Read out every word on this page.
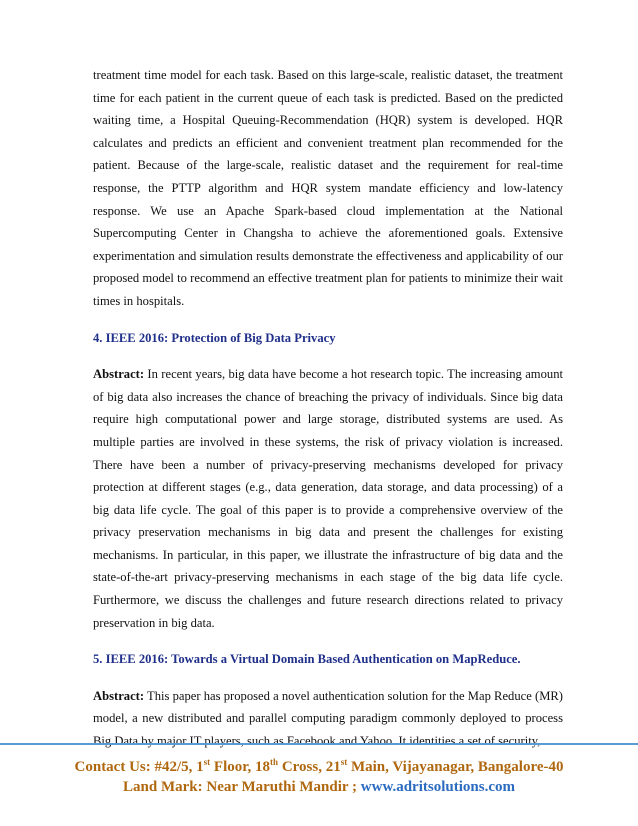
treatment time model for each task. Based on this large-scale, realistic dataset, the treatment time for each patient in the current queue of each task is predicted. Based on the predicted waiting time, a Hospital Queuing-Recommendation (HQR) system is developed. HQR calculates and predicts an efficient and convenient treatment plan recommended for the patient. Because of the large-scale, realistic dataset and the requirement for real-time response, the PTTP algorithm and HQR system mandate efficiency and low-latency response. We use an Apache Spark-based cloud implementation at the National Supercomputing Center in Changsha to achieve the aforementioned goals. Extensive experimentation and simulation results demonstrate the effectiveness and applicability of our proposed model to recommend an effective treatment plan for patients to minimize their wait times in hospitals.

4. IEEE 2016: Protection of Big Data Privacy

Abstract: In recent years, big data have become a hot research topic. The increasing amount of big data also increases the chance of breaching the privacy of individuals. Since big data require high computational power and large storage, distributed systems are used. As multiple parties are involved in these systems, the risk of privacy violation is increased. There have been a number of privacy-preserving mechanisms developed for privacy protection at different stages (e.g., data generation, data storage, and data processing) of a big data life cycle. The goal of this paper is to provide a comprehensive overview of the privacy preservation mechanisms in big data and present the challenges for existing mechanisms. In particular, in this paper, we illustrate the infrastructure of big data and the state-of-the-art privacy-preserving mechanisms in each stage of the big data life cycle. Furthermore, we discuss the challenges and future research directions related to privacy preservation in big data.

5. IEEE 2016: Towards a Virtual Domain Based Authentication on MapReduce.

Abstract: This paper has proposed a novel authentication solution for the Map Reduce (MR) model, a new distributed and parallel computing paradigm commonly deployed to process Big Data by major IT players, such as Facebook and Yahoo. It identities a set of security,

Contact Us: #42/5, 1st Floor, 18th Cross, 21st Main, Vijayanagar, Bangalore-40
Land Mark: Near Maruthi Mandir ; www.adritsolutions.com
